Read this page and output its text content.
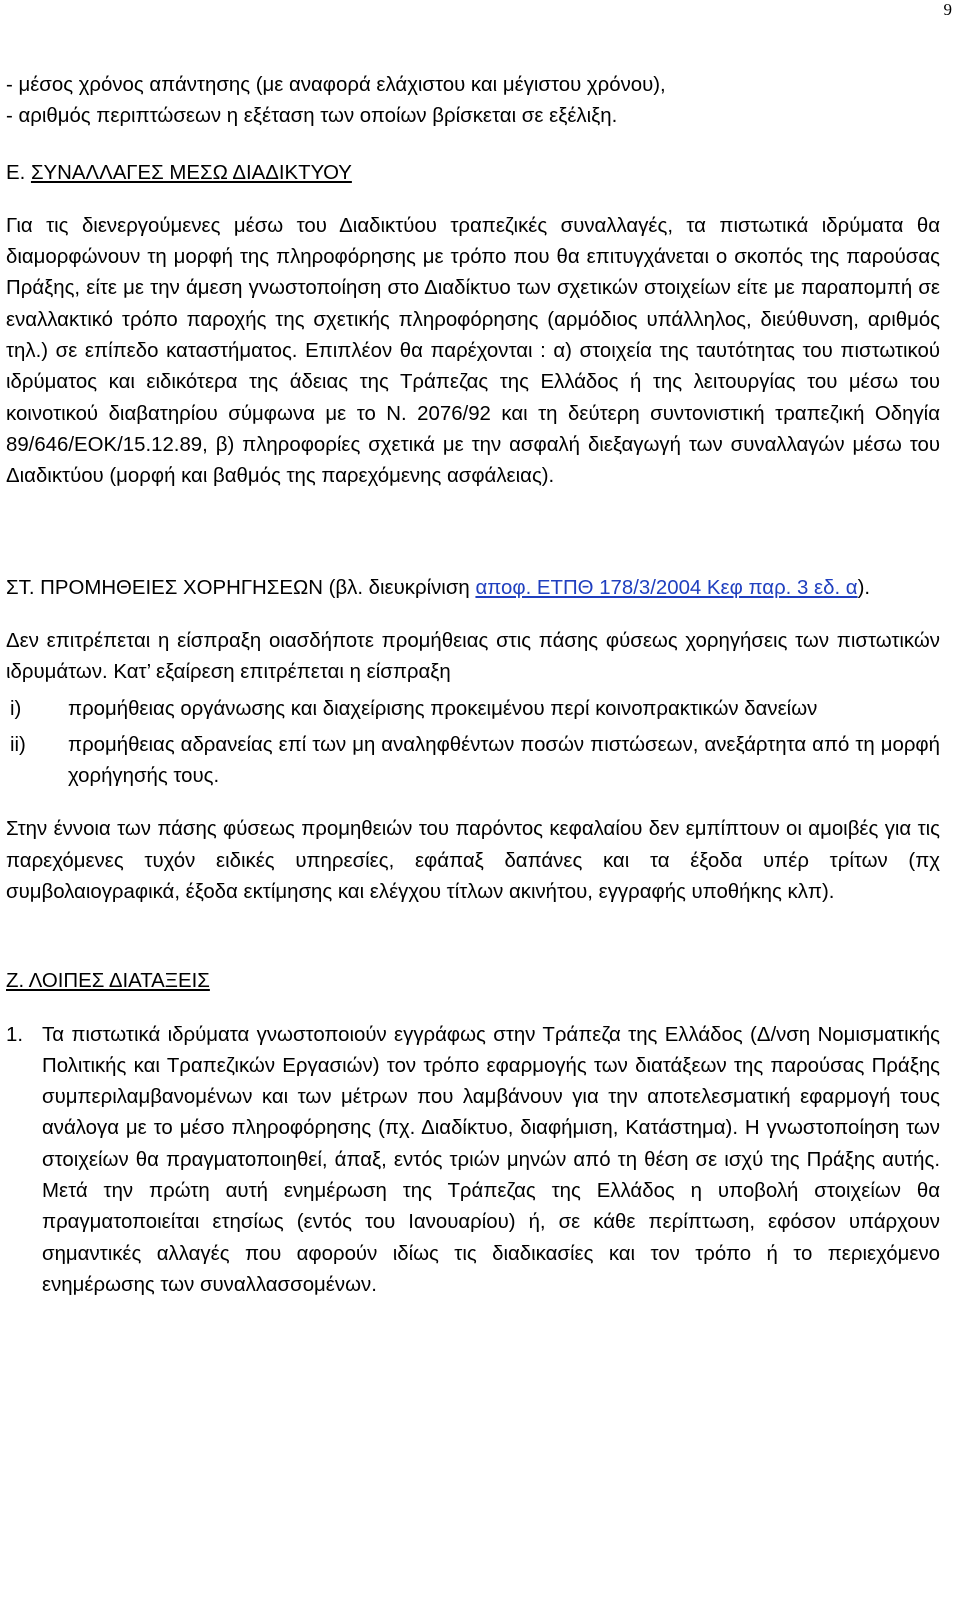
9

- μέσος χρόνος απάντησης (με αναφορά ελάχιστου και μέγιστου χρόνου),

- αριθμός περιπτώσεων η εξέταση των οποίων βρίσκεται σε εξέλιξη.

Ε. ΣΥΝΑΛΛΑΓΕΣ ΜΕΣΩ ΔΙΑΔΙΚΤΥΟΥ

Για τις διενεργούμενες μέσω του Διαδικτύου τραπεζικές συναλλαγές, τα πιστωτικά ιδρύματα θα διαμορφώνουν τη μορφή της πληροφόρησης με τρόπο που θα επιτυγχάνεται ο σκοπός της παρούσας Πράξης, είτε με την άμεση γνωστοποίηση στο Διαδίκτυο των σχετικών στοιχείων είτε με παραπομπή σε εναλλακτικό τρόπο παροχής της σχετικής πληροφόρησης (αρμόδιος υπάλληλος, διεύθυνση, αριθμός τηλ.) σε επίπεδο καταστήματος. Επιπλέον θα παρέχονται : α) στοιχεία της ταυτότητας του πιστωτικού ιδρύματος και ειδικότερα της άδειας της Τράπεζας της Ελλάδος ή της λειτουργίας του μέσω του κοινοτικού διαβατηρίου σύμφωνα με το Ν. 2076/92 και τη δεύτερη συντονιστική τραπεζική Οδηγία 89/646/ΕΟΚ/15.12.89, β) πληροφορίες σχετικά με την ασφαλή διεξαγωγή των συναλλαγών μέσω του Διαδικτύου (μορφή και βαθμός της παρεχόμενης ασφάλειας).

ΣΤ. ΠΡΟΜΗΘΕΙΕΣ ΧΟΡΗΓΗΣΕΩΝ (βλ. διευκρίνιση αποφ. ΕΤΠΘ 178/3/2004 Κεφ παρ. 3 εδ. α).

Δεν επιτρέπεται η είσπραξη οιασδήποτε προμήθειας στις πάσης φύσεως χορηγήσεις των πιστωτικών ιδρυμάτων. Κατ’ εξαίρεση επιτρέπεται η είσπραξη

i)	προμήθειας οργάνωσης και διαχείρισης προκειμένου περί κοινοπρακτικών δανείων
ii)	προμήθειας αδρανείας επί των μη αναληφθέντων ποσών πιστώσεων, ανεξάρτητα από τη μορφή χορήγησής τους.

Στην έννοια των πάσης φύσεως προμηθειών του παρόντος κεφαλαίου δεν εμπίπτουν οι αμοιβές για τις παρεχόμενες τυχόν ειδικές υπηρεσίες, εφάπαξ δαπάνες και τα έξοδα υπέρ τρίτων (πχ συμβολαιογρaφικά, έξοδα εκτίμησης και ελέγχου τίτλων ακινήτου, εγγραφής υποθήκης κλπ).

Ζ. ΛΟΙΠΕΣ ΔΙΑΤΑΞΕΙΣ

1. Τα πιστωτικά ιδρύματα γνωστοποιούν εγγράφως στην Τράπεζα της Ελλάδος (Δ/νση Νομισματικής Πολιτικής και Τραπεζικών Εργασιών) τον τρόπο εφαρμογής των διατάξεων της παρούσας Πράξης συμπεριλαμβανομένων και των μέτρων που λαμβάνουν για την αποτελεσματική εφαρμογή τους ανάλογα με το μέσο πληροφόρησης (πχ. Διαδίκτυο, διαφήμιση, Κατάστημα). Η γνωστοποίηση των στοιχείων θα πραγματοποιηθεί, άπαξ, εντός τριών μηνών από τη θέση σε ισχύ της Πράξης αυτής. Μετά την πρώτη αυτή ενημέρωση της Τράπεζας της Ελλάδος η υποβολή στοιχείων θα πραγματοποιείται ετησίως (εντός του Ιανουαρίου) ή, σε κάθε περίπτωση, εφόσον υπάρχουν σημαντικές αλλαγές που αφορούν ιδίως τις διαδικασίες και τον τρόπο ή το περιεχόμενο ενημέρωσης των συναλλασσομένων.
